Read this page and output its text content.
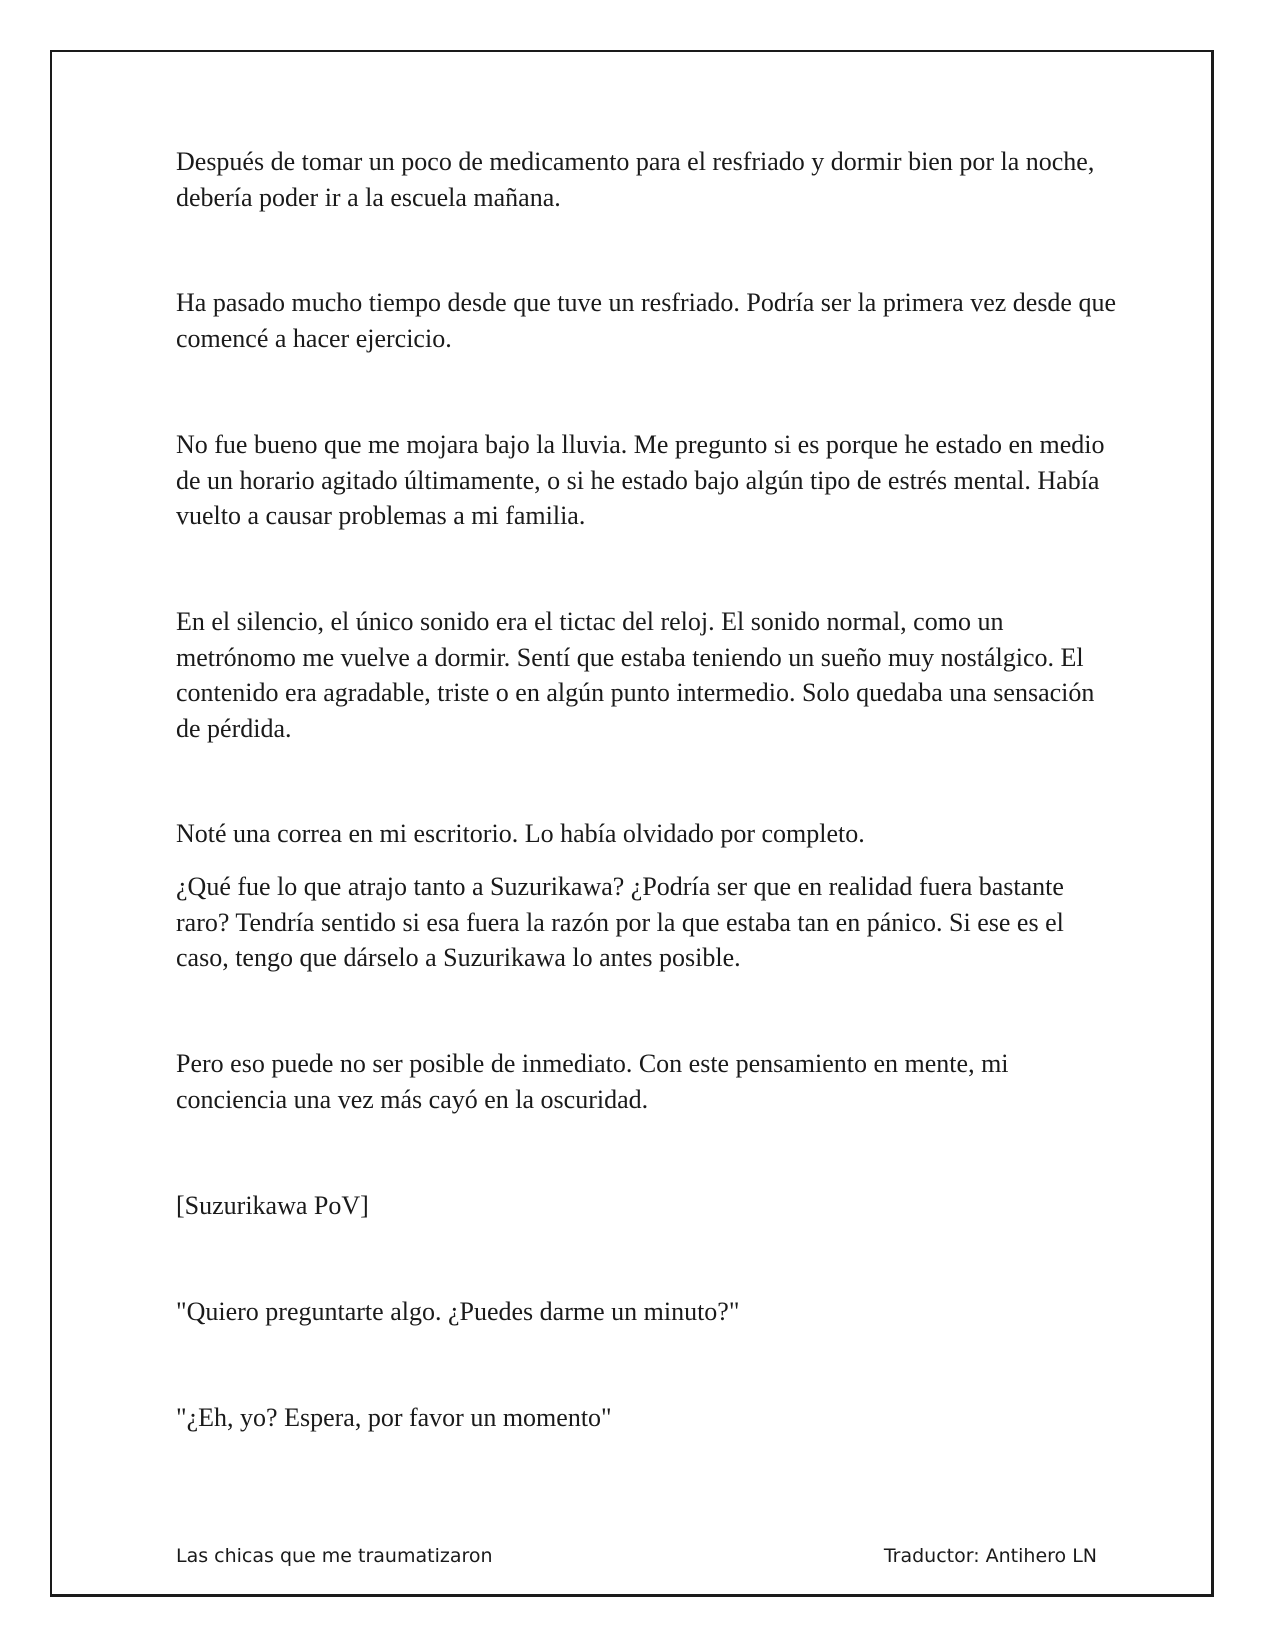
Después de tomar un poco de medicamento para el resfriado y dormir bien por la noche, debería poder ir a la escuela mañana.

Ha pasado mucho tiempo desde que tuve un resfriado. Podría ser la primera vez desde que comencé a hacer ejercicio.

No fue bueno que me mojara bajo la lluvia. Me pregunto si es porque he estado en medio de un horario agitado últimamente, o si he estado bajo algún tipo de estrés mental. Había vuelto a causar problemas a mi familia.

En el silencio, el único sonido era el tictac del reloj. El sonido normal, como un metrónomo me vuelve a dormir. Sentí que estaba teniendo un sueño muy nostálgico. El contenido era agradable, triste o en algún punto intermedio. Solo quedaba una sensación de pérdida.

Noté una correa en mi escritorio. Lo había olvidado por completo.

¿Qué fue lo que atrajo tanto a Suzurikawa? ¿Podría ser que en realidad fuera bastante raro? Tendría sentido si esa fuera la razón por la que estaba tan en pánico. Si ese es el caso, tengo que dárselo a Suzurikawa lo antes posible.

Pero eso puede no ser posible de inmediato. Con este pensamiento en mente, mi conciencia una vez más cayó en la oscuridad.

[Suzurikawa PoV]

"Quiero preguntarte algo. ¿Puedes darme un minuto?"

"¿Eh, yo? Espera, por favor un momento"

Las chicas que me traumatizaron	Traductor: Antihero LN
